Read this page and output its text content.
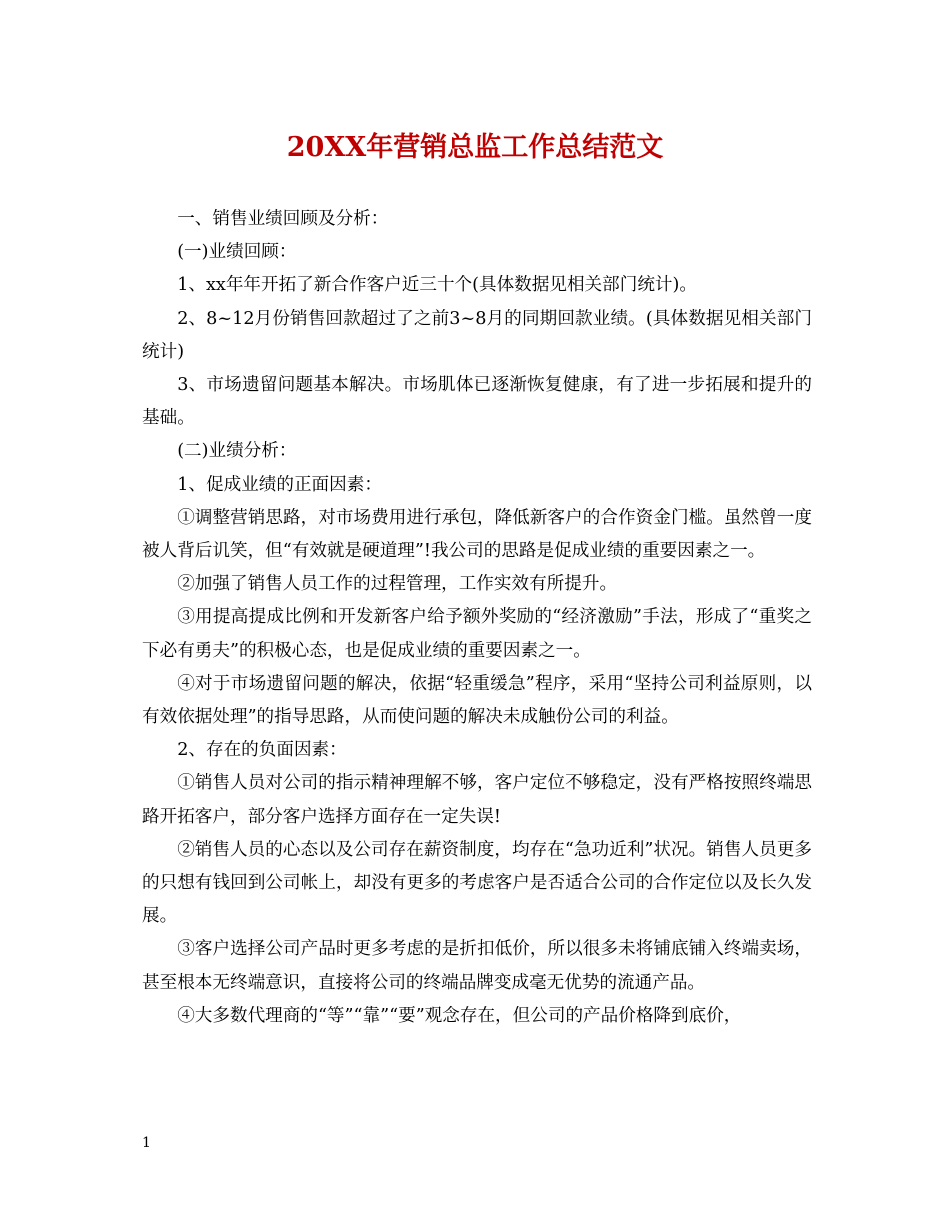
20XX年营销总监工作总结范文

一、销售业绩回顾及分析：

(一)业绩回顾：

1、xx年年开拓了新合作客户近三十个(具体数据见相关部门统计)。

2、8~12月份销售回款超过了之前3~8月的同期回款业绩。(具体数据见相关部门统计)

3、市场遗留问题基本解决。市场肌体已逐渐恢复健康，有了进一步拓展和提升的基础。

(二)业绩分析：

1、促成业绩的正面因素：

①调整营销思路，对市场费用进行承包，降低新客户的合作资金门槛。虽然曾一度被人背后讥笑，但“有效就是硬道理”!我公司的思路是促成业绩的重要因素之一。

②加强了销售人员工作的过程管理，工作实效有所提升。

③用提高提成比例和开发新客户给予额外奖励的“经济激励”手法，形成了“重奖之下必有勇夫”的积极心态，也是促成业绩的重要因素之一。

④对于市场遗留问题的解决，依据“轻重缓急”程序，采用“坚持公司利益原则，以有效依据处理”的指导思路，从而使问题的解决未成触份公司的利益。

2、存在的负面因素：

①销售人员对公司的指示精神理解不够，客户定位不够稳定，没有严格按照终端思路开拓客户，部分客户选择方面存在一定失误!

②销售人员的心态以及公司存在薪资制度，均存在“急功近利”状况。销售人员更多的只想有钱回到公司帐上，却没有更多的考虑客户是否适合公司的合作定位以及长久发展。

③客户选择公司产品时更多考虑的是折扣低价，所以很多未将铺底铺入终端卖场，甚至根本无终端意识，直接将公司的终端品牌变成毫无优势的流通产品。

④大多数代理商的“等”“靠”“要”观念存在，但公司的产品价格降到底价，

1
